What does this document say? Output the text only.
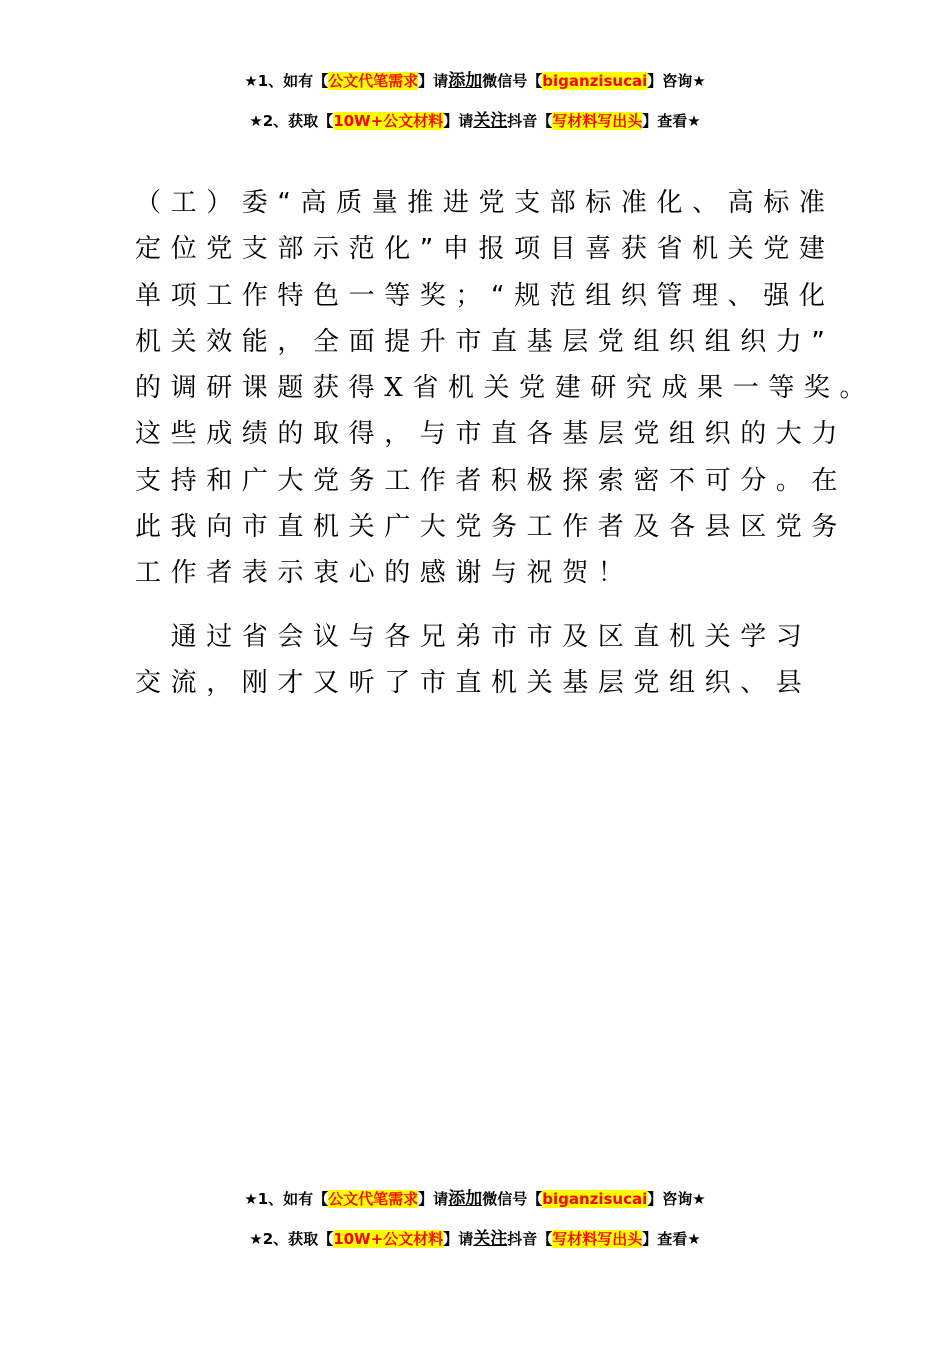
★1、如有【公文代笔需求】请添加微信号【biganzisucai】咨询★
★2、获取【10W+公文材料】请关注抖音【写材料写出头】查看★
（工）委“高质量推进党支部标准化、高标准
定位党支部示范化”申报项目喜获省机关党建
单项工作特色一等奖；“规范组织管理、强化
机关效能，全面提升市直基层党组织组织力”
的调研课题获得X省机关党建研究成果一等奖。
这些成绩的取得，与市直各基层党组织的大力
支持和广大党务工作者积极探索密不可分。在
此我向市直机关广大党务工作者及各县区党务
工作者表示衷心的感谢与祝贺！
　通过省会议与各兄弟市市及区直机关学习
交流，刚才又听了市直机关基层党组织、县
★1、如有【公文代笔需求】请添加微信号【biganzisucai】咨询★
★2、获取【10W+公文材料】请关注抖音【写材料写出头】查看★
